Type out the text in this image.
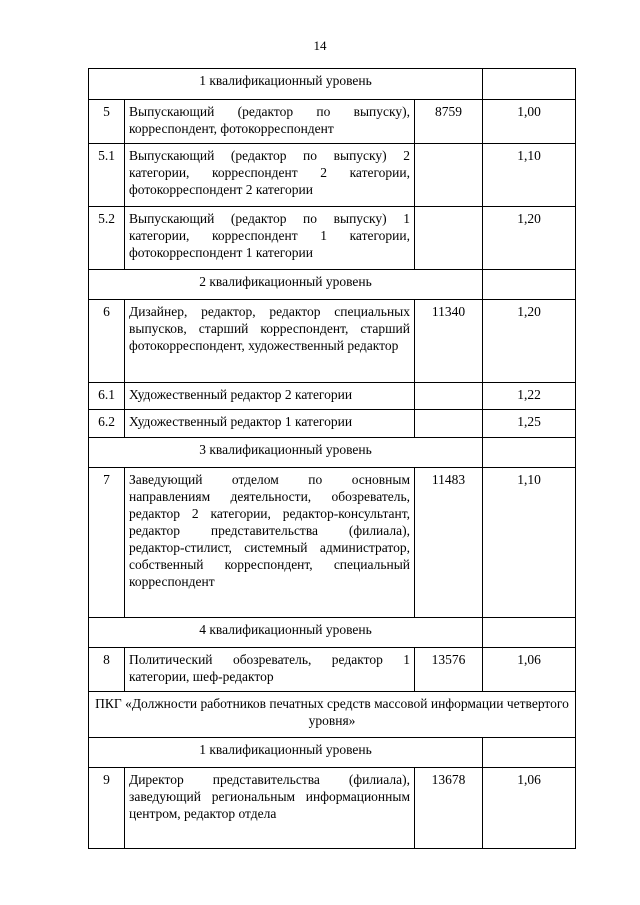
14
1 квалификационный уровень			
5	Выпускающий (редактор по выпуску), корреспондент, фотокорреспондент	8759	1,00
5.1	Выпускающий (редактор по выпуску) 2 категории, корреспондент 2 категории, фотокорреспондент 2 категории		1,10
5.2	Выпускающий (редактор по выпуску) 1 категории, корреспондент 1 категории, фотокорреспондент 1 категории		1,20
2 квалификационный уровень			
6	Дизайнер, редактор, редактор специальных выпусков, старший корреспондент, старший фотокорреспондент, художественный редактор	11340	1,20
6.1	Художественный редактор 2 категории		1,22
6.2	Художественный редактор 1 категории		1,25
3 квалификационный уровень			
7	Заведующий отделом по основным направлениям деятельности, обозреватель, редактор 2 категории, редактор-консультант, редактор представительства (филиала), редактор-стилист, системный администратор, собственный корреспондент, специальный корреспондент	11483	1,10
4 квалификационный уровень			
8	Политический обозреватель, редактор 1 категории, шеф-редактор	13576	1,06
ПКГ «Должности работников печатных средств массовой информации четвертого уровня»			
1 квалификационный уровень			
9	Директор представительства (филиала), заведующий региональным информационным центром, редактор отдела	13678	1,06
